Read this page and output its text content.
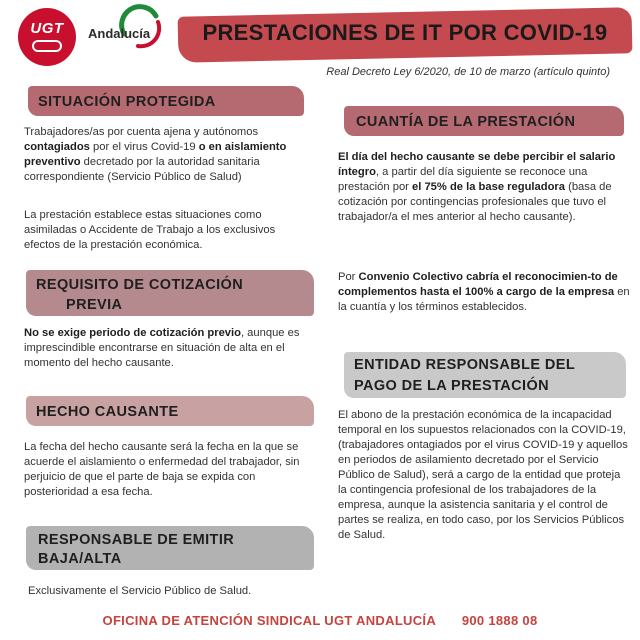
UGT	Andalucía	PRESTACIONES DE IT POR COVID-19
Real Decreto Ley 6/2020, de 10 de marzo (artículo quinto)
SITUACIÓN PROTEGIDA
Trabajadores/as por cuenta ajena y autónomos contagiados por el virus Covid-19 o en aislamiento preventivo decretado por la autoridad sanitaria correspondiente (Servicio Público de Salud)
La prestación establece estas situaciones como asimiladas o Accidente de Trabajo a los exclusivos efectos de la prestación económica.
REQUISITO DE COTIZACIÓN
PREVIA
No se exige periodo de cotización previo, aunque es imprescindible encontrarse en situación de alta en el momento del hecho causante.
HECHO CAUSANTE
La fecha del hecho causante será la fecha en la que se acuerde el aislamiento o enfermedad del trabajador, sin perjuicio de que el parte de baja se expida con posterioridad a esa fecha.
RESPONSABLE DE EMITIR
BAJA/ALTA
Exclusivamente el Servicio Público de Salud.
CUANTÍA DE LA PRESTACIÓN
El día del hecho causante se debe percibir el salario íntegro, a partir del día siguiente se reconoce una prestación por el 75% de la base reguladora (basa de cotización por contingencias profesionales que tuvo el trabajador/a el mes anterior al hecho causante).
Por Convenio Colectivo cabría el reconocimien-to de complementos hasta el 100% a cargo de la empresa en la cuantía y los términos establecidos.
ENTIDAD RESPONSABLE DEL
PAGO DE LA PRESTACIÓN
El abono de la prestación económica de la incapacidad temporal en los supuestos relacionados con la COVID-19, (trabajadores ontagiados por el virus COVID-19 y aquellos en periodos de asilamiento decretado por el Servicio Público de Salud), será a cargo de la entidad que proteja la contingencia profesional de los trabajadores de la empresa, aunque la asistencia sanitaria y el control de partes se realiza, en todo caso, por los Servicios Públicos de Salud.
OFICINA DE ATENCIÓN SINDICAL UGT ANDALUCÍA 900 1888 08
